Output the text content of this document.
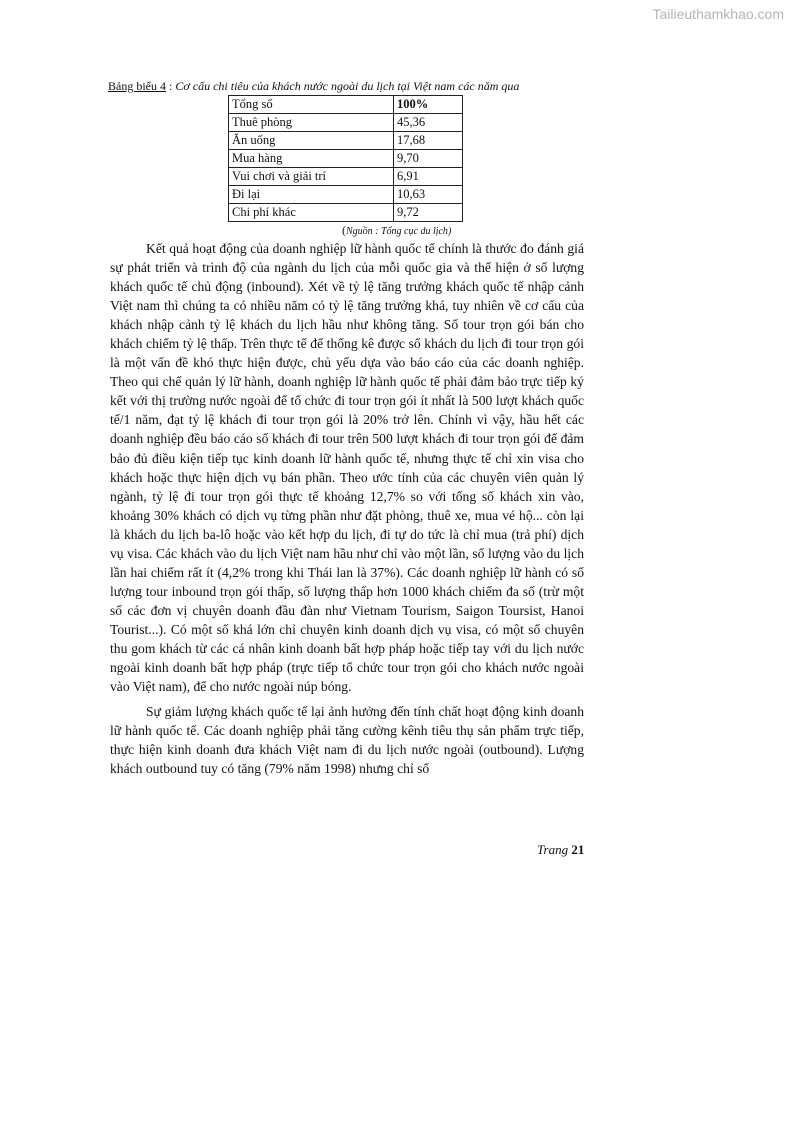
Tailieuthamkhao.com
Bảng biểu 4 : Cơ cấu chi tiêu của khách nước ngoài du lịch tại Việt nam các năm qua
Tổng số	100%
Thuê phòng	45,36
Ăn uống	17,68
Mua hàng	9,70
Vui chơi và giải trí	6,91
Đi lại	10,63
Chi phí khác	9,72
(Nguồn : Tổng cục du lịch)

Kết quả hoạt động của doanh nghiệp lữ hành quốc tế chính là thước đo đánh giá sự phát triển và trình độ của ngành du lịch của mỗi quốc gia và thể hiện ở số lượng khách quốc tế chủ động (inbound). Xét về tỷ lệ tăng trưởng khách quốc tế nhập cảnh Việt nam thì chúng ta có nhiều năm có tỷ lệ tăng trưởng khá, tuy nhiên về cơ cấu của khách nhập cảnh tỷ lệ khách du lịch hầu như không tăng. Số tour trọn gói bán cho khách chiếm tỷ lệ thấp. Trên thực tế để thống kê được số khách du lịch đi tour trọn gói là một vấn đề khó thực hiện được, chủ yếu dựa vào báo cáo của các doanh nghiệp. Theo qui chế quản lý lữ hành, doanh nghiệp lữ hành quốc tế phải đảm bảo trực tiếp ký kết với thị trường nước ngoài để tổ chức đi tour trọn gói ít nhất là 500 lượt khách quốc tế/1 năm, đạt tỷ lệ khách đi tour trọn gói là 20% trở lên. Chính vì vậy, hầu hết các doanh nghiệp đều báo cáo số khách đi tour trên 500 lượt khách đi tour trọn gói để đảm bảo đủ điều kiện tiếp tục kinh doanh lữ hành quốc tế, nhưng thực tế chỉ xin visa cho khách hoặc thực hiện dịch vụ bán phần. Theo ước tính của các chuyên viên quản lý ngành, tỷ lệ đi tour trọn gói thực tế khoảng 12,7% so với tổng số khách xin vào, khoảng 30% khách có dịch vụ từng phần như đặt phòng, thuê xe, mua vé hộ... còn lại là khách du lịch ba-lô hoặc vào kết hợp du lịch, đi tự do tức là chỉ mua (trả phí) dịch vụ visa. Các khách vào du lịch Việt nam hầu như chỉ vào một lần, số lượng vào du lịch lần hai chiếm rất ít (4,2% trong khi Thái lan là 37%). Các doanh nghiệp lữ hành có số lượng tour inbound trọn gói thấp, số lượng thấp hơn 1000 khách chiếm đa số (trừ một số các đơn vị chuyên doanh đầu đàn như Vietnam Tourism, Saigon Toursist, Hanoi Tourist...). Có một số khá lớn chỉ chuyên kinh doanh dịch vụ visa, có một số chuyên thu gom khách từ các cá nhân kinh doanh bất hợp pháp hoặc tiếp tay với du lịch nước ngoài kinh doanh bất hợp pháp (trực tiếp tổ chức tour trọn gói cho khách nước ngoài vào Việt nam), để cho nước ngoài núp bóng.

Sự giảm lượng khách quốc tế lại ảnh hưởng đến tính chất hoạt động kinh doanh lữ hành quốc tế. Các doanh nghiệp phải tăng cường kênh tiêu thụ sản phẩm trực tiếp, thực hiện kinh doanh đưa khách Việt nam đi du lịch nước ngoài (outbound). Lượng khách outbound tuy có tăng (79% năm 1998) nhưng chỉ số

Trang 21
